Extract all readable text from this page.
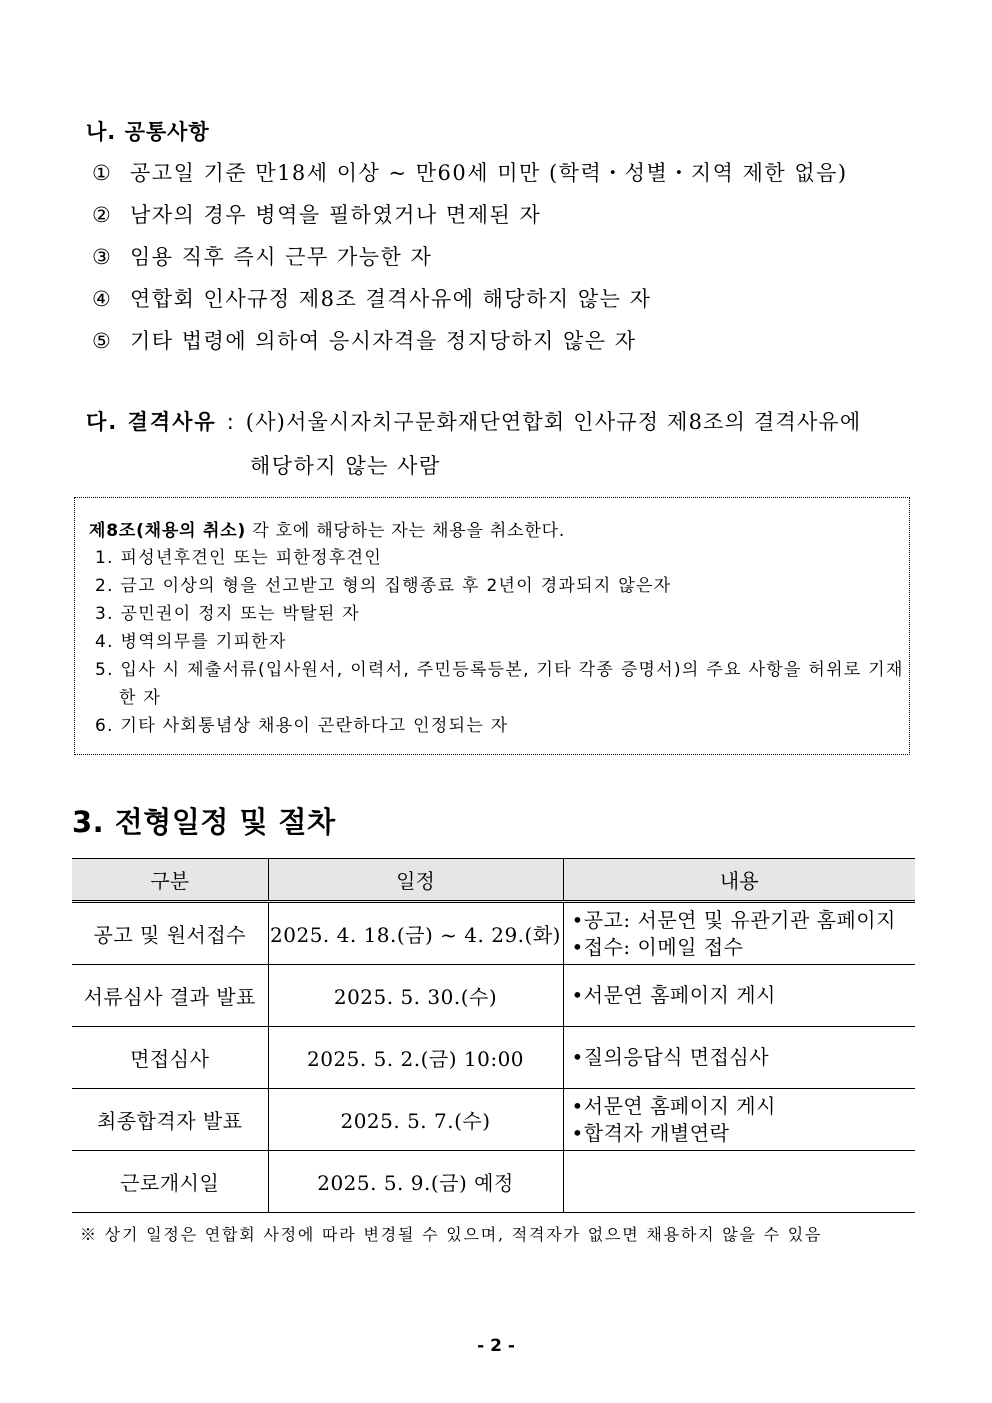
나. 공통사항
① 공고일 기준 만18세 이상 ~ 만60세 미만 (학력・성별・지역 제한 없음)
② 남자의 경우 병역을 필하였거나 면제된 자
③ 임용 직후 즉시 근무 가능한 자
④ 연합회 인사규정 제8조 결격사유에 해당하지 않는 자
⑤ 기타 법령에 의하여 응시자격을 정지당하지 않은 자
다. 결격사유 : (사)서울시자치구문화재단연합회 인사규정 제8조의 결격사유에
해당하지 않는 사람
제8조(채용의 취소) 각 호에 해당하는 자는 채용을 취소한다.
1. 피성년후견인 또는 피한정후견인
2. 금고 이상의 형을 선고받고 형의 집행종료 후 2년이 경과되지 않은자
3. 공민권이 정지 또는 박탈된 자
4. 병역의무를 기피한자
5. 입사 시 제출서류(입사원서, 이력서, 주민등록등본, 기타 각종 증명서)의 주요 사항을 허위로 기재한 자
6. 기타 사회통념상 채용이 곤란하다고 인정되는 자
3. 전형일정 및 절차
구분	일정	내용
공고 및 원서접수	2025. 4. 18.(금) ~ 4. 29.(화)	•공고: 서문연 및 유관기관 홈페이지
•접수: 이메일 접수

서류심사 결과 발표	2025. 5. 30.(수)	•서문연 홈페이지 게시

면접심사	2025. 5. 2.(금) 10:00	•질의응답식 면접심사

최종합격자 발표	2025. 5. 7.(수)	•서문연 홈페이지 게시
•합격자 개별연락

근로개시일	2025. 5. 9.(금) 예정	
※ 상기 일정은 연합회 사정에 따라 변경될 수 있으며, 적격자가 없으면 채용하지 않을 수 있음
- 2 -
